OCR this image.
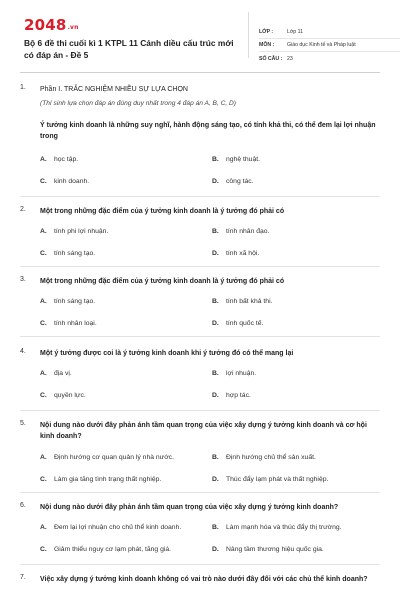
2048.vn
Bộ 6 đề thi cuối kì 1 KTPL 11 Cánh diều cấu trúc mới có đáp án - Đề 5
LỚP :	Lớp 11
MÔN :	Giáo dục Kinh tế và Pháp luật
SỐ CÂU : 23
1. Phần I. TRẮC NGHIỆM NHIỀU SỰ LỰA CHỌN
(Thí sinh lựa chọn đáp án đúng duy nhất trong 4 đáp án A, B, C, D)
Ý tưởng kinh doanh là những suy nghĩ, hành động sáng tạo, có tính khả thi, có thể đem lại lợi nhuận trong
A.	học tập.	B.	nghệ thuật.
C.	kinh doanh.	D.	công tác.
2. Một trong những đặc điểm của ý tưởng kinh doanh là ý tưởng đó phải có
A.	tính phi lợi nhuận.	B.	tính nhân đạo.
C.	tính sáng tạo.	D.	tính xã hội.
3. Một trong những đặc điểm của ý tưởng kinh doanh là ý tưởng đó phải có
A.	tính sáng tạo.	B.	tính bất khả thi.
C.	tính nhân loại.	D.	tính quốc tế.
4. Một ý tưởng được coi là ý tưởng kinh doanh khi ý tưởng đó có thể mang lại
A.	địa vị.	B.	lợi nhuận.
C.	quyền lực.	D.	hợp tác.
5. Nội dung nào dưới đây phản ánh tầm quan trọng của việc xây dựng ý tưởng kinh doanh và cơ hội kinh doanh?
A.	Định hướng cơ quan quản lý nhà nước.	B.	Định hướng chủ thể sản xuất.
C.	Làm gia tăng tình trạng thất nghiệp.	D.	Thúc đẩy lạm phát và thất nghiệp.
6. Nội dung nào dưới đây phản ánh tầm quan trọng của việc xây dựng ý tưởng kinh doanh?
A.	Đem lại lợi nhuận cho chủ thể kinh doanh.	B.	Làm mạnh hóa và thúc đẩy thị trường.
C.	Giảm thiểu nguy cơ lạm phát, tăng giá.	D.	Nâng tầm thương hiệu quốc gia.
7. Việc xây dựng ý tưởng kinh doanh không có vai trò nào dưới đây đối với các chủ thể kinh doanh?
